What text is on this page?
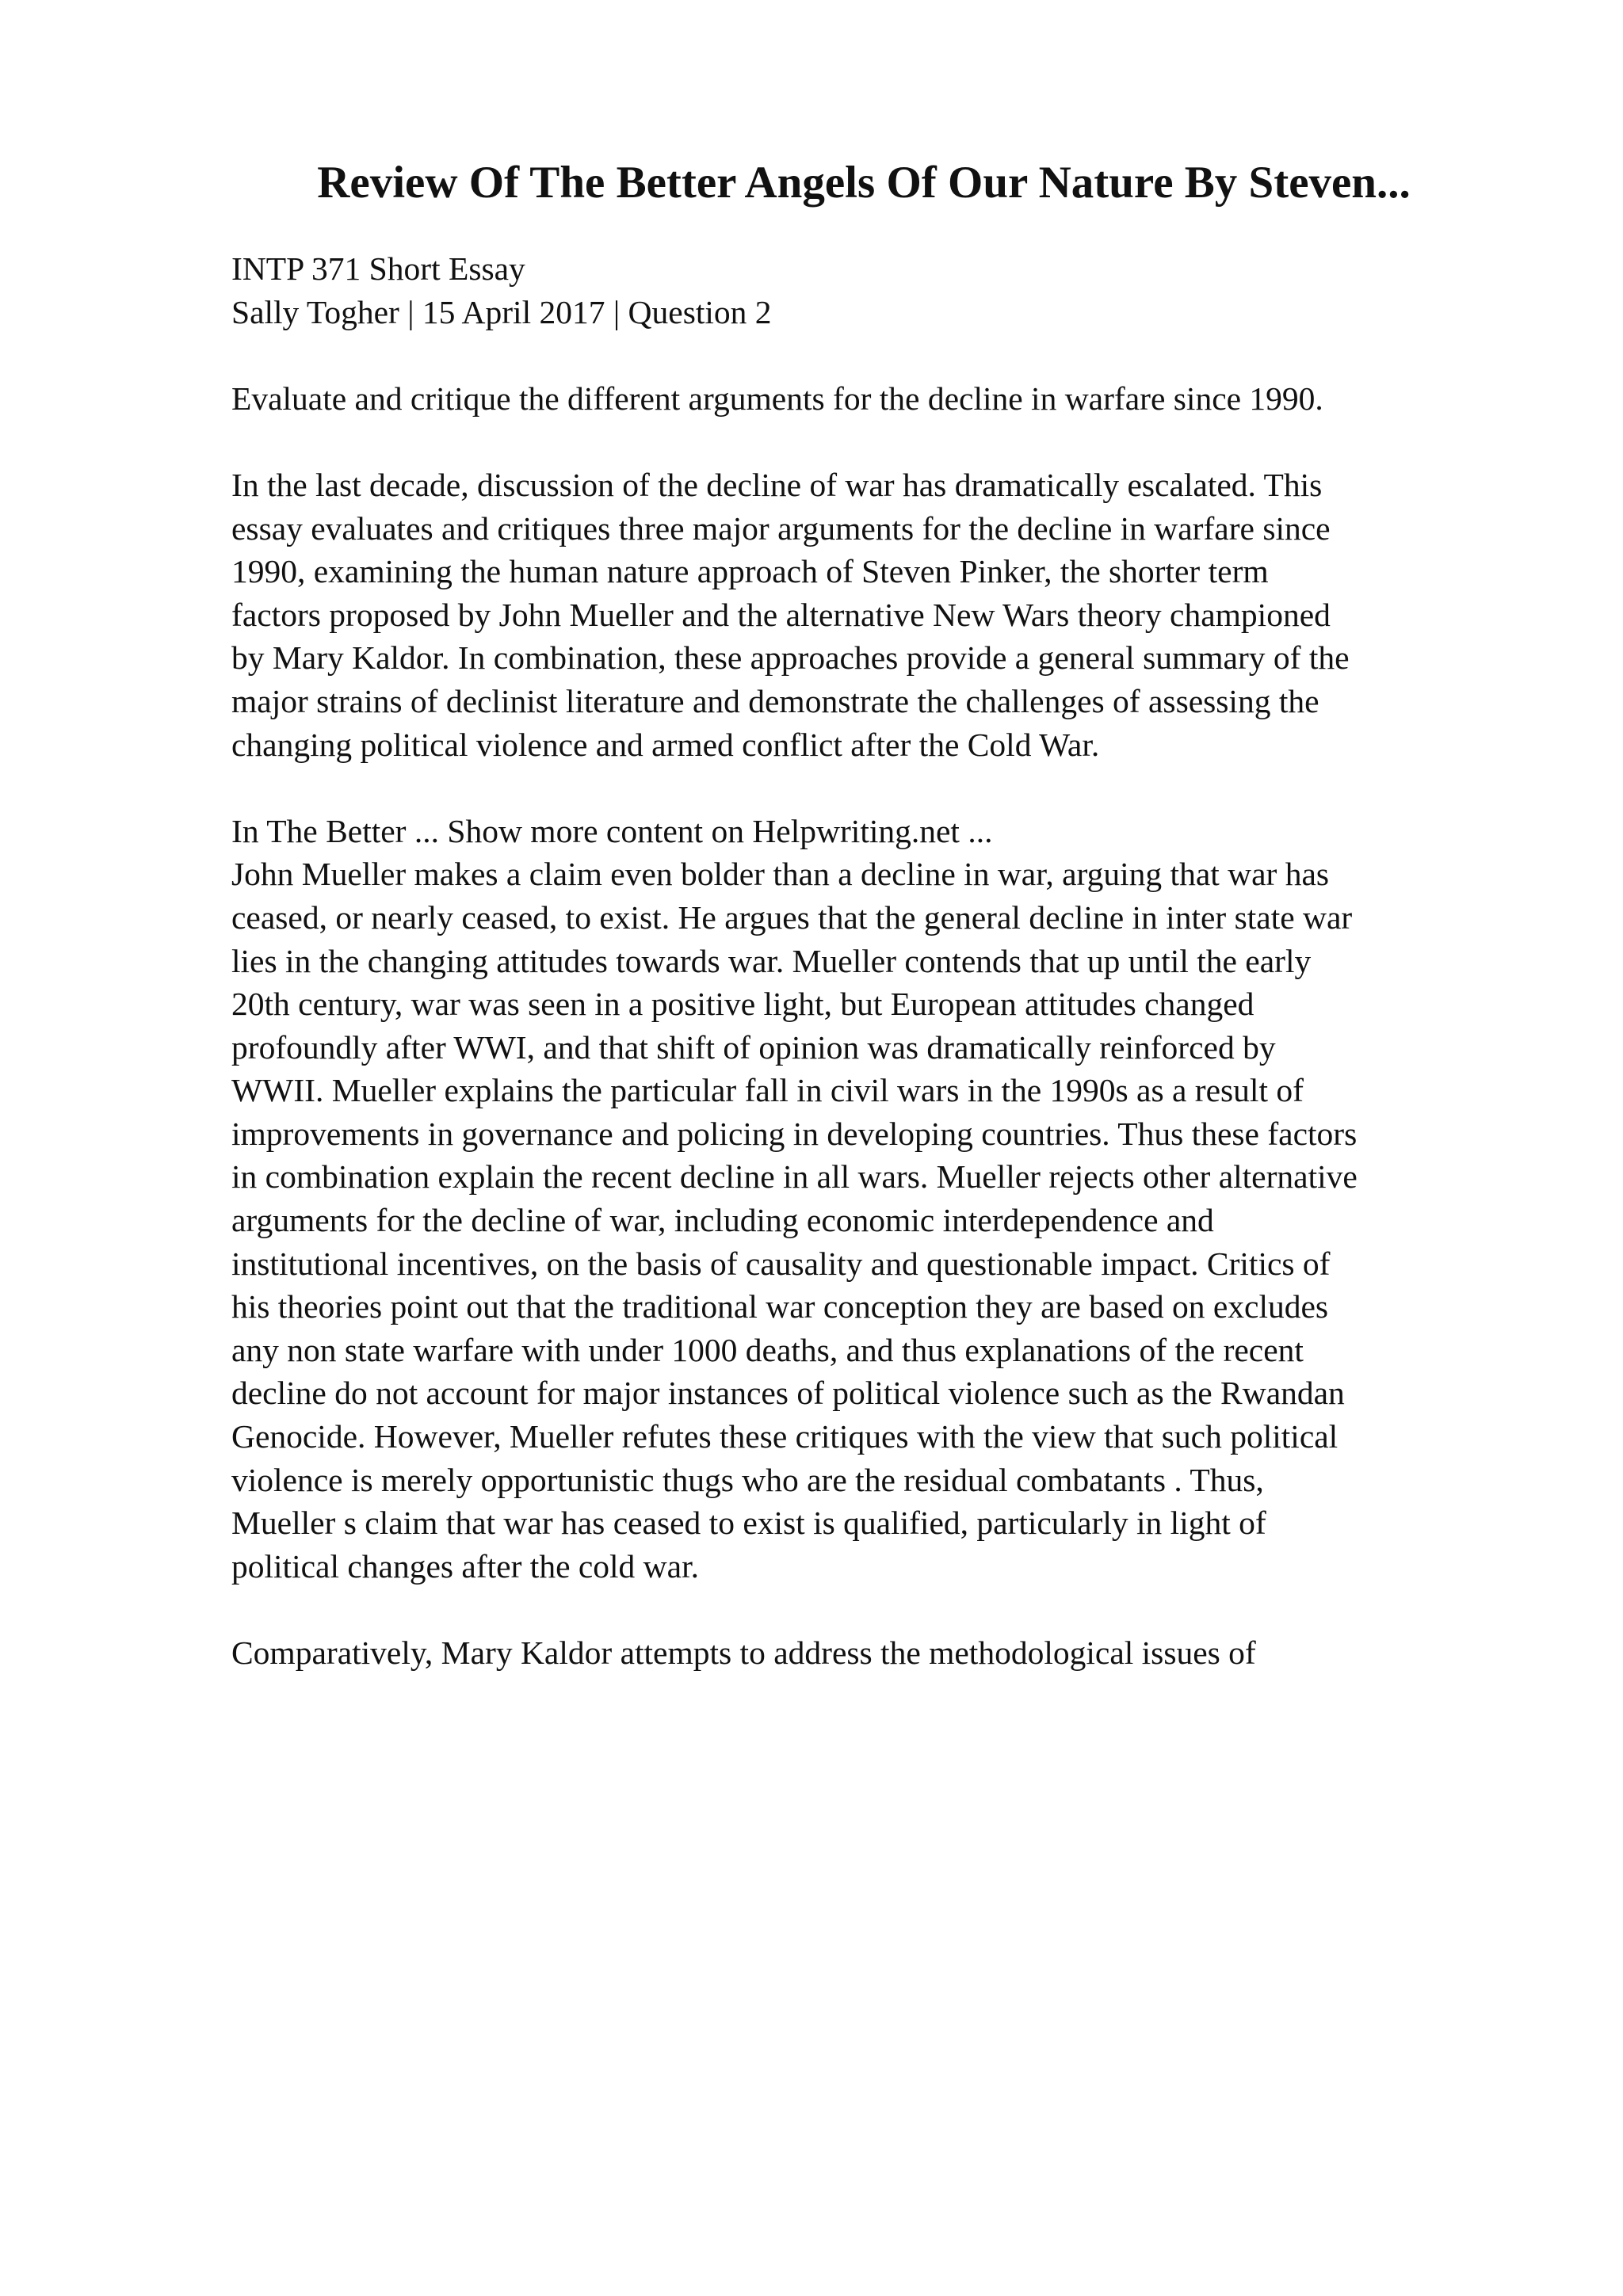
Review Of The Better Angels Of Our Nature By Steven...
INTP 371 Short Essay
Sally Togher | 15 April 2017 | Question 2
Evaluate and critique the different arguments for the decline in warfare since 1990.
In the last decade, discussion of the decline of war has dramatically escalated. This
essay evaluates and critiques three major arguments for the decline in warfare since
1990, examining the human nature approach of Steven Pinker, the shorter term
factors proposed by John Mueller and the alternative New Wars theory championed
by Mary Kaldor. In combination, these approaches provide a general summary of the
major strains of declinist literature and demonstrate the challenges of assessing the
changing political violence and armed conflict after the Cold War.
In The Better ... Show more content on Helpwriting.net ...
John Mueller makes a claim even bolder than a decline in war, arguing that war has
ceased, or nearly ceased, to exist. He argues that the general decline in inter state war
lies in the changing attitudes towards war. Mueller contends that up until the early
20th century, war was seen in a positive light, but European attitudes changed
profoundly after WWI, and that shift of opinion was dramatically reinforced by
WWII. Mueller explains the particular fall in civil wars in the 1990s as a result of
improvements in governance and policing in developing countries. Thus these factors
in combination explain the recent decline in all wars. Mueller rejects other alternative
arguments for the decline of war, including economic interdependence and
institutional incentives, on the basis of causality and questionable impact. Critics of
his theories point out that the traditional war conception they are based on excludes
any non state warfare with under 1000 deaths, and thus explanations of the recent
decline do not account for major instances of political violence such as the Rwandan
Genocide. However, Mueller refutes these critiques with the view that such political
violence is merely opportunistic thugs who are the residual combatants . Thus,
Mueller s claim that war has ceased to exist is qualified, particularly in light of
political changes after the cold war.
Comparatively, Mary Kaldor attempts to address the methodological issues of
